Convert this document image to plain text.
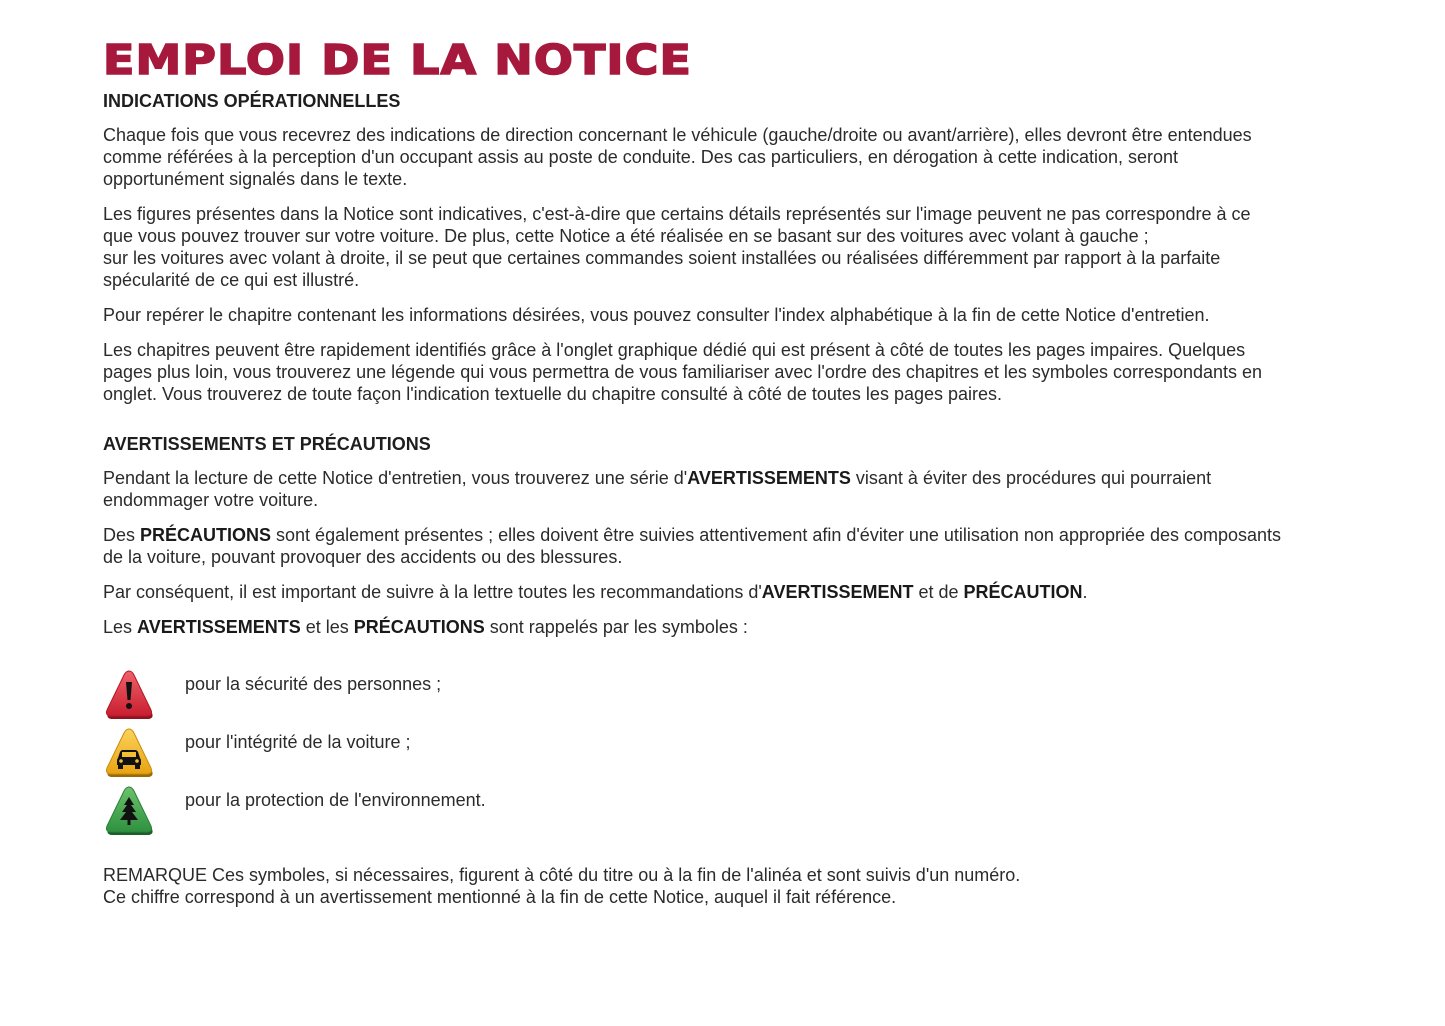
EMPLOI DE LA NOTICE
INDICATIONS OPÉRATIONNELLES

Chaque fois que vous recevrez des indications de direction concernant le véhicule (gauche/droite ou avant/arrière), elles devront être entendues comme référées à la perception d'un occupant assis au poste de conduite. Des cas particuliers, en dérogation à cette indication, seront opportunément signalés dans le texte.

Les figures présentes dans la Notice sont indicatives, c'est-à-dire que certains détails représentés sur l'image peuvent ne pas correspondre à ce que vous pouvez trouver sur votre voiture. De plus, cette Notice a été réalisée en se basant sur des voitures avec volant à gauche ;
sur les voitures avec volant à droite, il se peut que certaines commandes soient installées ou réalisées différemment par rapport à la parfaite spécularité de ce qui est illustré.

Pour repérer le chapitre contenant les informations désirées, vous pouvez consulter l'index alphabétique à la fin de cette Notice d'entretien.

Les chapitres peuvent être rapidement identifiés grâce à l'onglet graphique dédié qui est présent à côté de toutes les pages impaires. Quelques pages plus loin, vous trouverez une légende qui vous permettra de vous familiariser avec l'ordre des chapitres et les symboles correspondants en onglet. Vous trouverez de toute façon l'indication textuelle du chapitre consulté à côté de toutes les pages paires.

AVERTISSEMENTS ET PRÉCAUTIONS

Pendant la lecture de cette Notice d'entretien, vous trouverez une série d'AVERTISSEMENTS visant à éviter des procédures qui pourraient endommager votre voiture.

Des PRÉCAUTIONS sont également présentes ; elles doivent être suivies attentivement afin d'éviter une utilisation non appropriée des composants de la voiture, pouvant provoquer des accidents ou des blessures.

Par conséquent, il est important de suivre à la lettre toutes les recommandations d'AVERTISSEMENT et de PRÉCAUTION.

Les AVERTISSEMENTS et les PRÉCAUTIONS sont rappelés par les symboles :

pour la sécurité des personnes ;
pour l'intégrité de la voiture ;
pour la protection de l'environnement.
REMARQUE Ces symboles, si nécessaires, figurent à côté du titre ou à la fin de l'alinéa et sont suivis d'un numéro.
Ce chiffre correspond à un avertissement mentionné à la fin de cette Notice, auquel il fait référence.
